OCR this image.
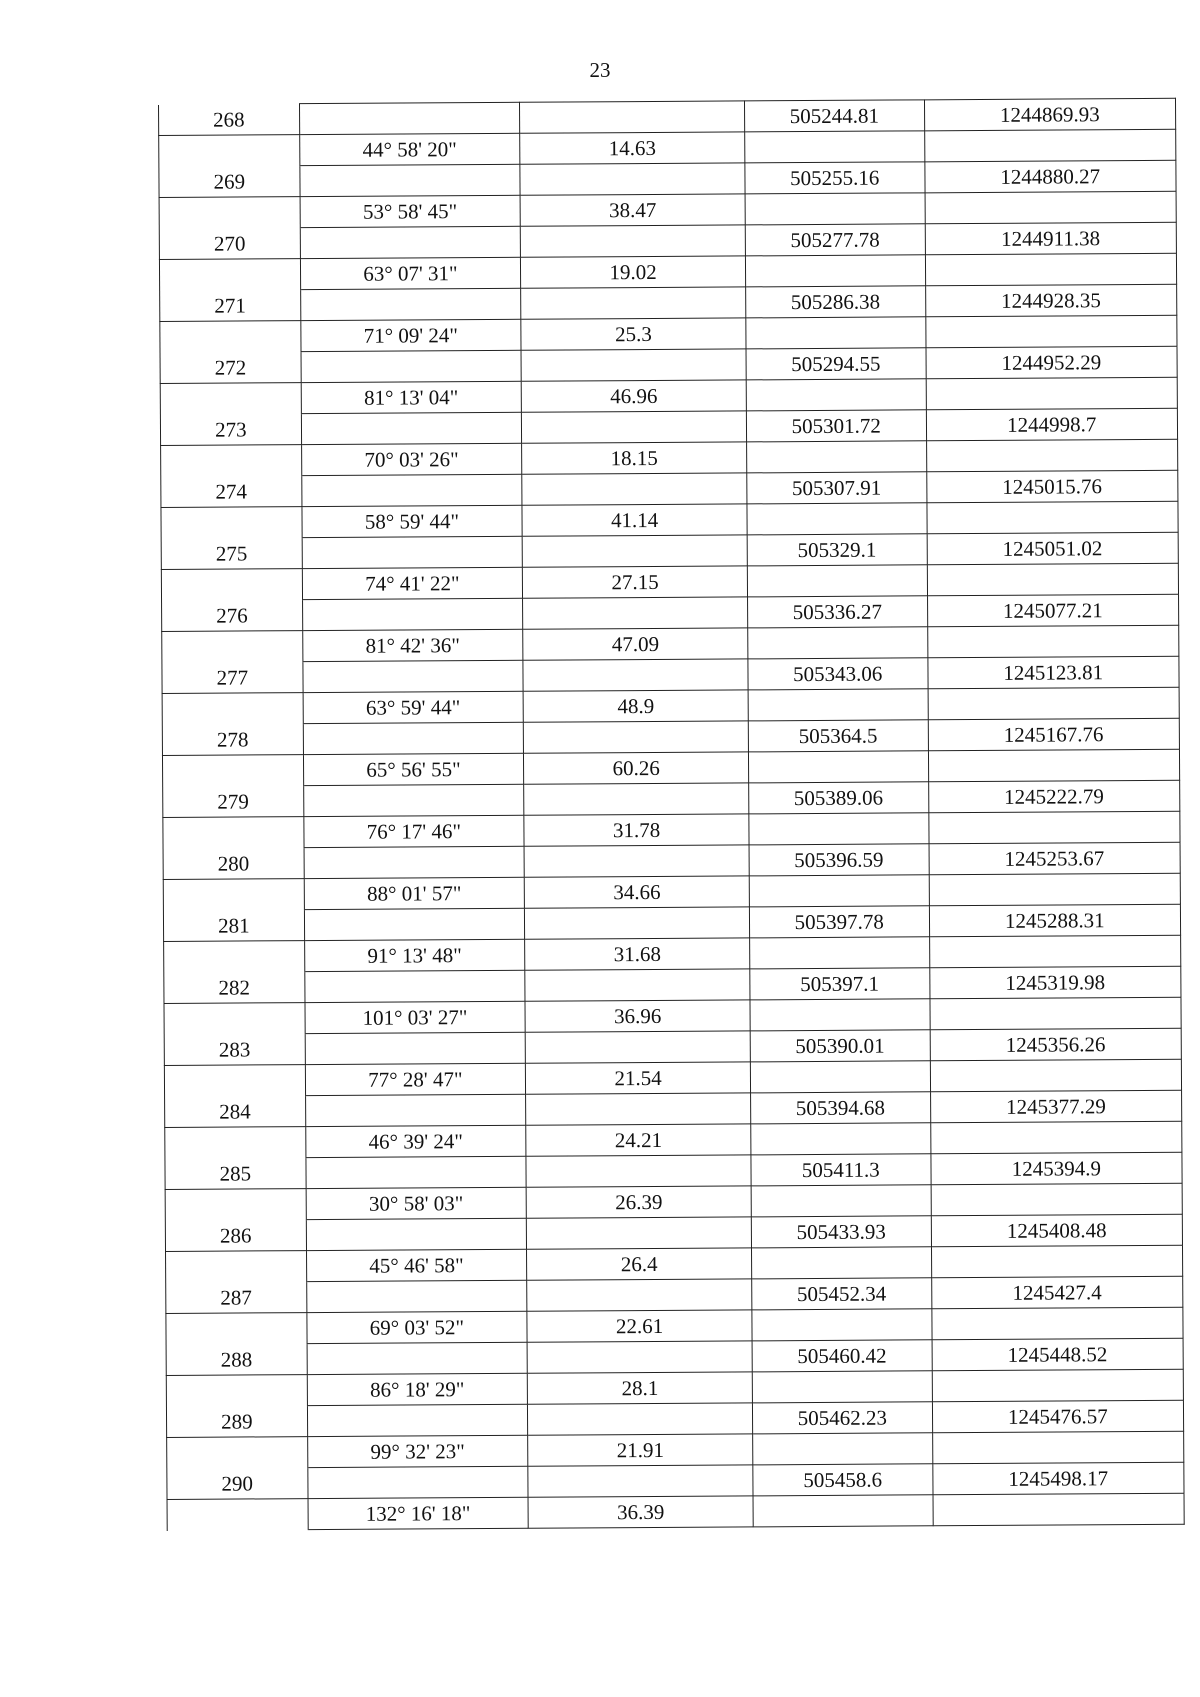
23
268			505244.81	1244869.93
	44° 58' 20"	14.63		
269			505255.16	1244880.27
	53° 58' 45"	38.47		
270			505277.78	1244911.38
	63° 07' 31"	19.02		
271			505286.38	1244928.35
	71° 09' 24"	25.3		
272			505294.55	1244952.29
	81° 13' 04"	46.96		
273			505301.72	1244998.7
	70° 03' 26"	18.15		
274			505307.91	1245015.76
	58° 59' 44"	41.14		
275			505329.1	1245051.02
	74° 41' 22"	27.15		
276			505336.27	1245077.21
	81° 42' 36"	47.09		
277			505343.06	1245123.81
	63° 59' 44"	48.9		
278			505364.5	1245167.76
	65° 56' 55"	60.26		
279			505389.06	1245222.79
	76° 17' 46"	31.78		
280			505396.59	1245253.67
	88° 01' 57"	34.66		
281			505397.78	1245288.31
	91° 13' 48"	31.68		
282			505397.1	1245319.98
	101° 03' 27"	36.96		
283			505390.01	1245356.26
	77° 28' 47"	21.54		
284			505394.68	1245377.29
	46° 39' 24"	24.21		
285			505411.3	1245394.9
	30° 58' 03"	26.39		
286			505433.93	1245408.48
	45° 46' 58"	26.4		
287			505452.34	1245427.4
	69° 03' 52"	22.61		
288			505460.42	1245448.52
	86° 18' 29"	28.1		
289			505462.23	1245476.57
	99° 32' 23"	21.91		
290			505458.6	1245498.17
	132° 16' 18"	36.39		
